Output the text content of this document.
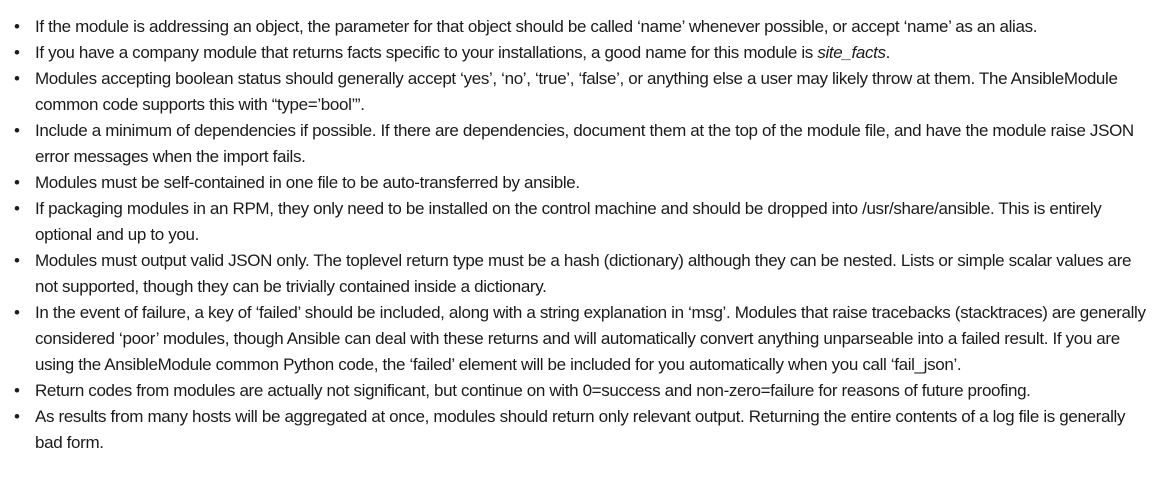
• If the module is addressing an object, the parameter for that object should be called ‘name’ whenever possible, or accept ‘name’ as an alias.
• If you have a company module that returns facts specific to your installations, a good name for this module is site_facts.
• Modules accepting boolean status should generally accept ‘yes’, ‘no’, ‘true’, ‘false’, or anything else a user may likely throw at them. The AnsibleModule common code supports this with “type=’bool’”.
• Include a minimum of dependencies if possible. If there are dependencies, document them at the top of the module file, and have the module raise JSON error messages when the import fails.
• Modules must be self-contained in one file to be auto-transferred by ansible.
• If packaging modules in an RPM, they only need to be installed on the control machine and should be dropped into /usr/share/ansible. This is entirely optional and up to you.
• Modules must output valid JSON only. The toplevel return type must be a hash (dictionary) although they can be nested. Lists or simple scalar values are not supported, though they can be trivially contained inside a dictionary.
• In the event of failure, a key of ‘failed’ should be included, along with a string explanation in ‘msg’. Modules that raise tracebacks (stacktraces) are generally considered ‘poor’ modules, though Ansible can deal with these returns and will automatically convert anything unparseable into a failed result. If you are using the AnsibleModule common Python code, the ‘failed’ element will be included for you automatically when you call ‘fail_json’.
• Return codes from modules are actually not significant, but continue on with 0=success and non-zero=failure for reasons of future proofing.
• As results from many hosts will be aggregated at once, modules should return only relevant output. Returning the entire contents of a log file is generally bad form.
